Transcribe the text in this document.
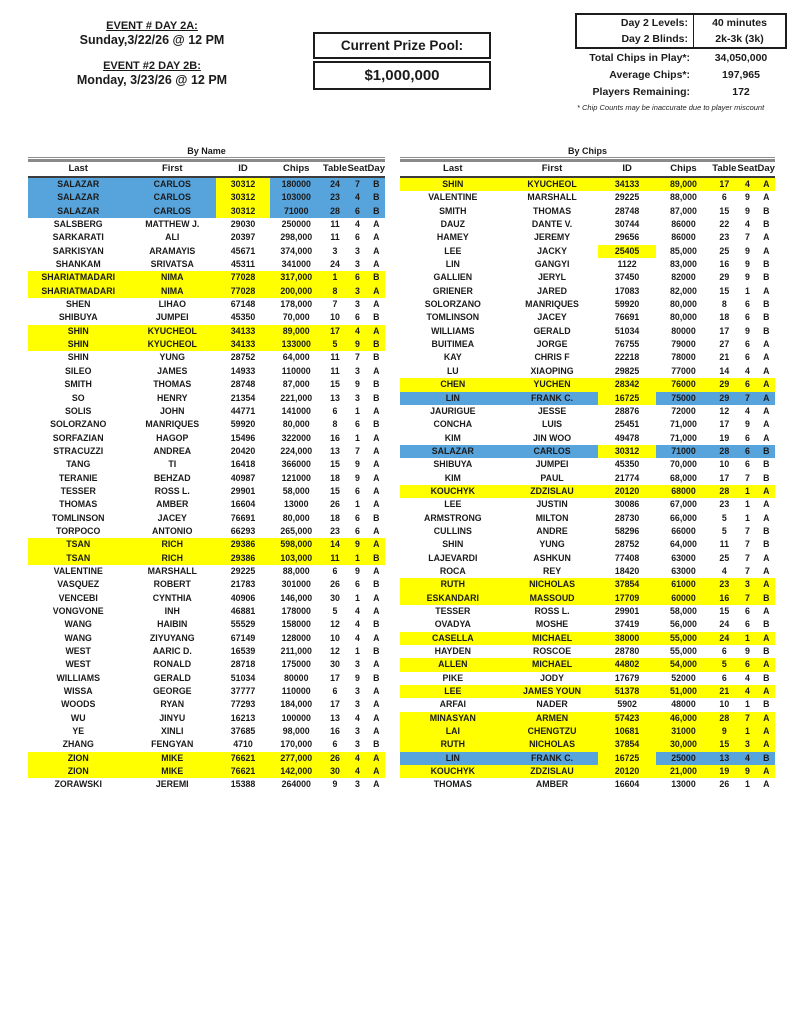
EVENT # DAY 2A:
Sunday,3/22/26 @ 12 PM
EVENT #2 DAY 2B:
Monday, 3/23/26 @ 12 PM
Current Prize Pool:
$1,000,000
Day 2 Levels:	40 minutes
Day 2 Blinds:	2k-3k (3k)
Total Chips in Play*:	34,050,000
Average Chips*:	197,965
Players Remaining:	172
* Chip Counts may be inaccurate due to player miscount
By Name
Last	First	ID	Chips	Table	Seat	Day
SALAZAR	CARLOS	30312	180000	24	7	B
SALAZAR	CARLOS	30312	103000	23	4	B
SALAZAR	CARLOS	30312	71000	28	6	B
SALSBERG	MATTHEW J.	29030	250000	11	4	A
SARKARATI	ALI	20397	298,000	11	6	A
SARKISYAN	ARAMAYIS	45671	374,000	3	3	A
SHANKAM	SRIVATSA	45311	341000	24	3	A
SHARIATMADARI	NIMA	77028	317,000	1	6	B
SHARIATMADARI	NIMA	77028	200,000	8	3	A
SHEN	LIHAO	67148	178,000	7	3	A
SHIBUYA	JUMPEI	45350	70,000	10	6	B
SHIN	KYUCHEOL	34133	89,000	17	4	A
SHIN	KYUCHEOL	34133	133000	5	9	B
SHIN	YUNG	28752	64,000	11	7	B
SILEO	JAMES	14933	110000	11	3	A
SMITH	THOMAS	28748	87,000	15	9	B
SO	HENRY	21354	221,000	13	3	B
SOLIS	JOHN	44771	141000	6	1	A
SOLORZANO	MANRIQUES	59920	80,000	8	6	B
SORFAZIAN	HAGOP	15496	322000	16	1	A
STRACUZZI	ANDREA	20420	224,000	13	7	A
TANG	TI	16418	366000	15	9	A
TERANIE	BEHZAD	40987	121000	18	9	A
TESSER	ROSS L.	29901	58,000	15	6	A
THOMAS	AMBER	16604	13000	26	1	A
TOMLINSON	JACEY	76691	80,000	18	6	B
TORPOCO	ANTONIO	66293	265,000	23	6	A
TSAN	RICH	29386	598,000	14	9	A
TSAN	RICH	29386	103,000	11	1	B
VALENTINE	MARSHALL	29225	88,000	6	9	A
VASQUEZ	ROBERT	21783	301000	26	6	B
VENCEBI	CYNTHIA	40906	146,000	30	1	A
VONGVONE	INH	46881	178000	5	4	A
WANG	HAIBIN	55529	158000	12	4	B
WANG	ZIYUYANG	67149	128000	10	4	A
WEST	AARIC D.	16539	211,000	12	1	B
WEST	RONALD	28718	175000	30	3	A
WILLIAMS	GERALD	51034	80000	17	9	B
WISSA	GEORGE	37777	110000	6	3	A
WOODS	RYAN	77293	184,000	17	3	A
WU	JINYU	16213	100000	13	4	A
YE	XINLI	37685	98,000	16	3	A
ZHANG	FENGYAN	4710	170,000	6	3	B
ZION	MIKE	76621	277,000	26	4	A
ZION	MIKE	76621	142,000	30	4	A
ZORAWSKI	JEREMI	15388	264000	9	3	A
By Chips
Last	First	ID	Chips	Table	Seat	Day
SHIN	KYUCHEOL	34133	89,000	17	4	A
VALENTINE	MARSHALL	29225	88,000	6	9	A
SMITH	THOMAS	28748	87,000	15	9	B
DAUZ	DANTE V.	30744	86000	22	4	B
HAMEY	JEREMY	29656	86000	23	7	A
LEE	JACKY	25405	85,000	25	9	A
LIN	GANGYI	1122	83,000	16	9	B
GALLIEN	JERYL	37450	82000	29	9	B
GRIENER	JARED	17083	82,000	15	1	A
SOLORZANO	MANRIQUES	59920	80,000	8	6	B
TOMLINSON	JACEY	76691	80,000	18	6	B
WILLIAMS	GERALD	51034	80000	17	9	B
BUITIMEA	JORGE	76755	79000	27	6	A
KAY	CHRIS F	22218	78000	21	6	A
LU	XIAOPING	29825	77000	14	4	A
CHEN	YUCHEN	28342	76000	29	6	A
LIN	FRANK C.	16725	75000	29	7	A
JAURIGUE	JESSE	28876	72000	12	4	A
CONCHA	LUIS	25451	71,000	17	9	A
KIM	JIN WOO	49478	71,000	19	6	A
SALAZAR	CARLOS	30312	71000	28	6	B
SHIBUYA	JUMPEI	45350	70,000	10	6	B
KIM	PAUL	21774	68,000	17	7	B
KOUCHYK	ZDZISLAU	20120	68000	28	1	A
LEE	JUSTIN	30086	67,000	23	1	A
ARMSTRONG	MILTON	28730	66,000	5	1	A
CULLINS	ANDRE	58296	66000	5	7	B
SHIN	YUNG	28752	64,000	11	7	B
LAJEVARDI	ASHKUN	77408	63000	25	7	A
ROCA	REY	18420	63000	4	7	A
RUTH	NICHOLAS	37854	61000	23	3	A
ESKANDARI	MASSOUD	17709	60000	16	7	B
TESSER	ROSS L.	29901	58,000	15	6	A
OVADYA	MOSHE	37419	56,000	24	6	B
CASELLA	MICHAEL	38000	55,000	24	1	A
HAYDEN	ROSCOE	28780	55,000	6	9	B
ALLEN	MICHAEL	44802	54,000	5	6	A
PIKE	JODY	17679	52000	6	4	B
LEE	JAMES YOUN	51378	51,000	21	4	A
ARFAI	NADER	5902	48000	10	1	B
MINASYAN	ARMEN	57423	46,000	28	7	A
LAI	CHENGTZU	10681	31000	9	1	A
RUTH	NICHOLAS	37854	30,000	15	3	A
LIN	FRANK C.	16725	25000	13	4	B
KOUCHYK	ZDZISLAU	20120	21,000	19	9	A
THOMAS	AMBER	16604	13000	26	1	A
